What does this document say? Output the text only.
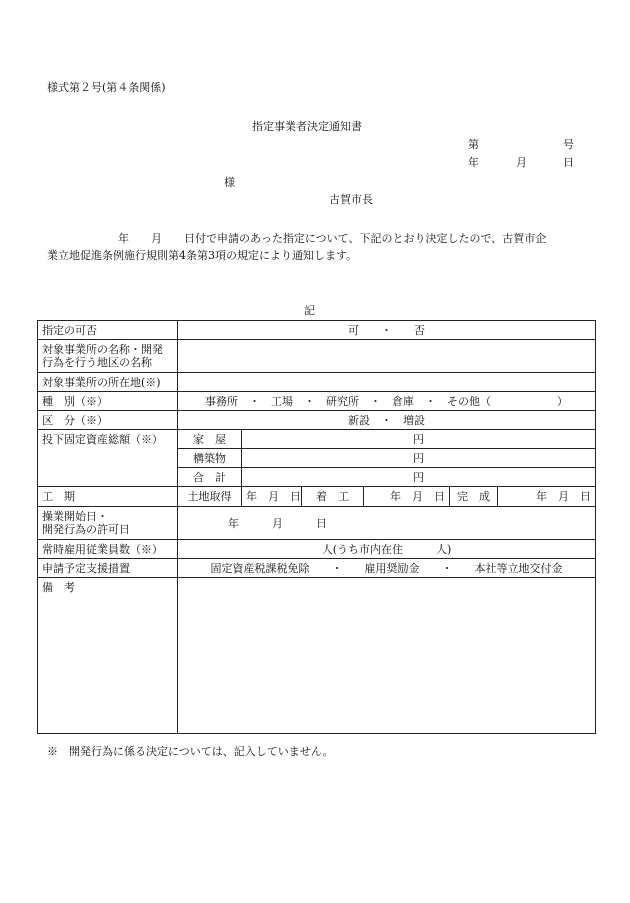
様式第２号(第４条関係)
指定事業者決定通知書
第	号
年	月	日
様
古賀市長
年　　月　　日付で申請のあった指定について、下記のとおり決定したので、古賀市企
業立地促進条例施行規則第4条第3項の規定により通知します。
記
指定の可否	可　　・　　否					

対象事業所の名称・開発
行為を行う地区の名称						

対象事業所の所在地(※)						
種　別（※）	事務所　・　工場　・　研究所　・　倉庫　・　その他（　　　　　　）					
区　分（※）	新設　・　増設					
投下固定資産総額（※）	家　屋	円				
	構築物	円				
	合　計	円				
工　期	土地取得	年　月　日	着　工	年　月　日	完　成	年　月　日

操業開始日・
開発行為の許可日	年　　　月　　　日					
常時雇用従業員数（※）	人(うち市内在住　　　人)					
申請予定支援措置	固定資産税課税免除　　・　　雇用奨励金　　・　　本社等立地交付金					
備　考						
※　開発行為に係る決定については、記入していません。
